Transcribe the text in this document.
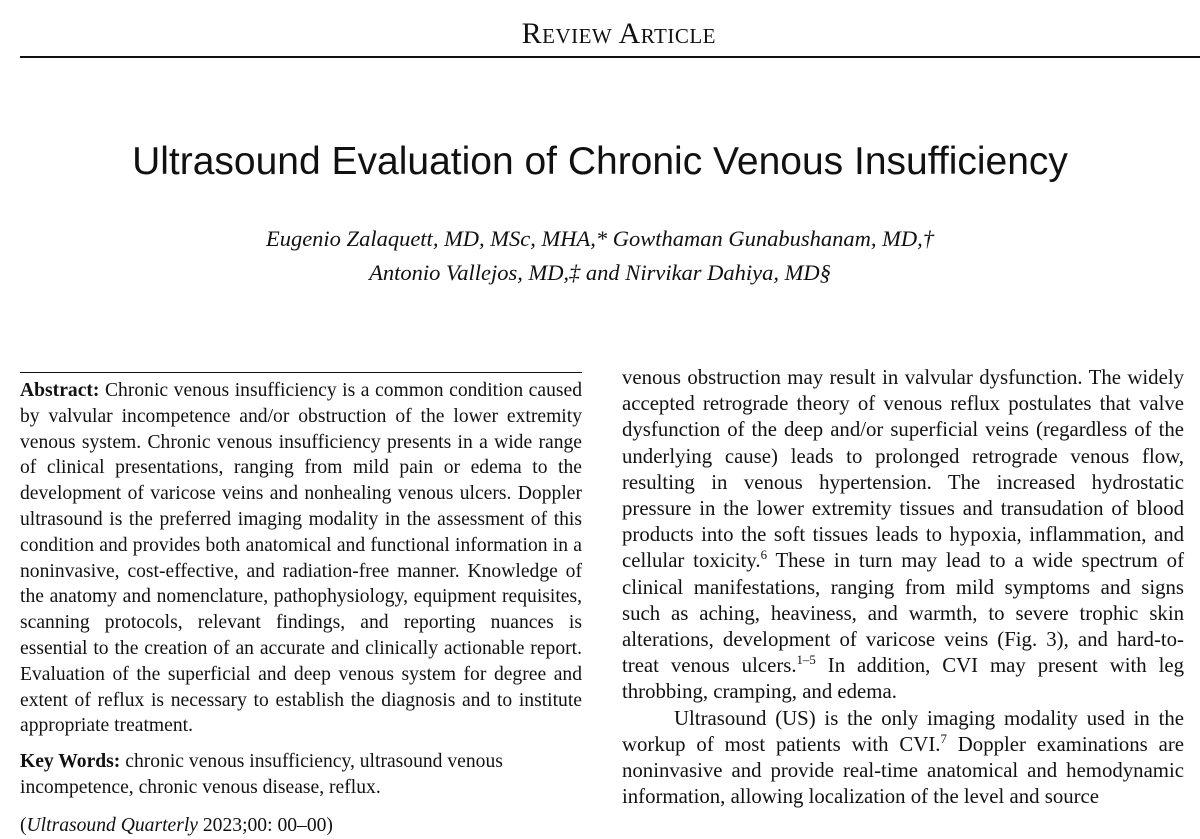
Review Article
Ultrasound Evaluation of Chronic Venous Insufficiency
Eugenio Zalaquett, MD, MSc, MHA,* Gowthaman Gunabushanam, MD,†
Antonio Vallejos, MD,‡ and Nirvikar Dahiya, MD§

Abstract: Chronic venous insufficiency is a common condition caused by valvular incompetence and/or obstruction of the lower extremity venous system. Chronic venous insufficiency presents in a wide range of clinical presentations, ranging from mild pain or edema to the development of varicose veins and nonhealing venous ulcers. Doppler ultrasound is the preferred imaging modality in the assessment of this condition and provides both anatomical and functional information in a noninvasive, cost-effective, and radiation-free manner. Knowledge of the anatomy and nomenclature, pathophysiology, equipment requisites, scanning protocols, relevant findings, and reporting nuances is essential to the creation of an accurate and clinically actionable report. Evaluation of the superficial and deep venous system for degree and extent of reflux is necessary to establish the diagnosis and to institute appropriate treatment.

Key Words: chronic venous insufficiency, ultrasound venous incompetence, chronic venous disease, reflux.

(Ultrasound Quarterly 2023;00: 00–00)

venous obstruction may result in valvular dysfunction. The widely accepted retrograde theory of venous reflux postulates that valve dysfunction of the deep and/or superficial veins (regardless of the underlying cause) leads to prolonged retrograde venous flow, resulting in venous hypertension. The increased hydrostatic pressure in the lower extremity tissues and transudation of blood products into the soft tissues leads to hypoxia, inflammation, and cellular toxicity.$^6$ These in turn may lead to a wide spectrum of clinical manifestations, ranging from mild symptoms and signs such as aching, heaviness, and warmth, to severe trophic skin alterations, development of varicose veins (Fig. 3), and hard-to-treat venous ulcers.$^{1-5}$ In addition, CVI may present with leg throbbing, cramping, and edema.

Ultrasound (US) is the only imaging modality used in the workup of most patients with CVI.$^7$ Doppler examinations are noninvasive and provide real-time anatomical and hemodynamic information, allowing localization of the level and source
